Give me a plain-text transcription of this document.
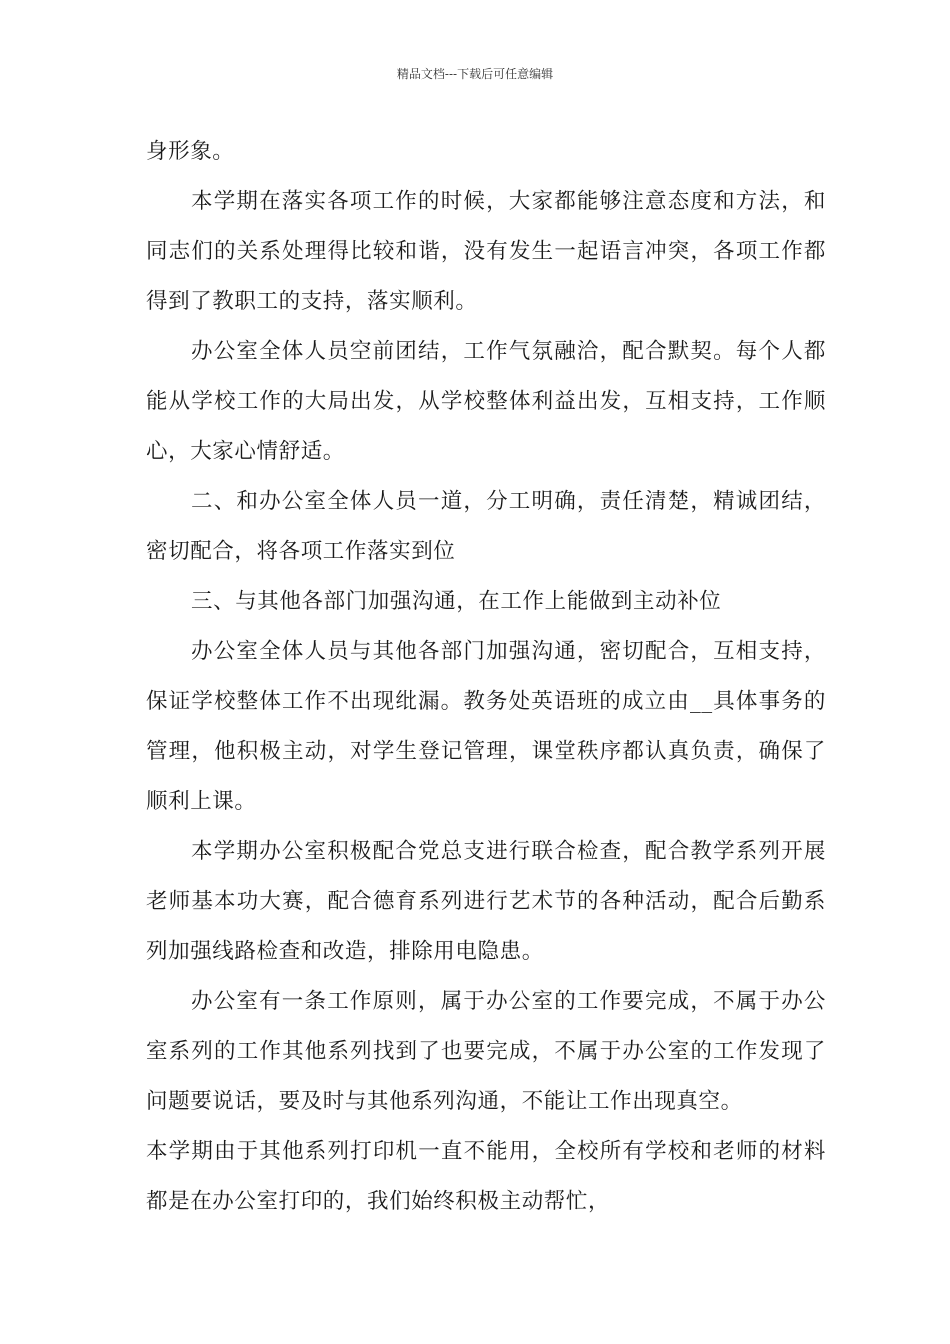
精品文档---下载后可任意编辑

身形象。

本学期在落实各项工作的时候，大家都能够注意态度和方法，和同志们的关系处理得比较和谐，没有发生一起语言冲突，各项工作都得到了教职工的支持，落实顺利。

办公室全体人员空前团结，工作气氛融洽，配合默契。每个人都能从学校工作的大局出发，从学校整体利益出发，互相支持，工作顺心，大家心情舒适。

二、和办公室全体人员一道，分工明确，责任清楚，精诚团结，密切配合，将各项工作落实到位

三、与其他各部门加强沟通，在工作上能做到主动补位

办公室全体人员与其他各部门加强沟通，密切配合，互相支持，保证学校整体工作不出现纰漏。教务处英语班的成立由__具体事务的管理，他积极主动，对学生登记管理，课堂秩序都认真负责，确保了顺利上课。

本学期办公室积极配合党总支进行联合检查，配合教学系列开展老师基本功大赛，配合德育系列进行艺术节的各种活动，配合后勤系列加强线路检查和改造，排除用电隐患。

办公室有一条工作原则，属于办公室的工作要完成，不属于办公室系列的工作其他系列找到了也要完成，不属于办公室的工作发现了问题要说话，要及时与其他系列沟通，不能让工作出现真空。

本学期由于其他系列打印机一直不能用，全校所有学校和老师的材料都是在办公室打印的，我们始终积极主动帮忙，
